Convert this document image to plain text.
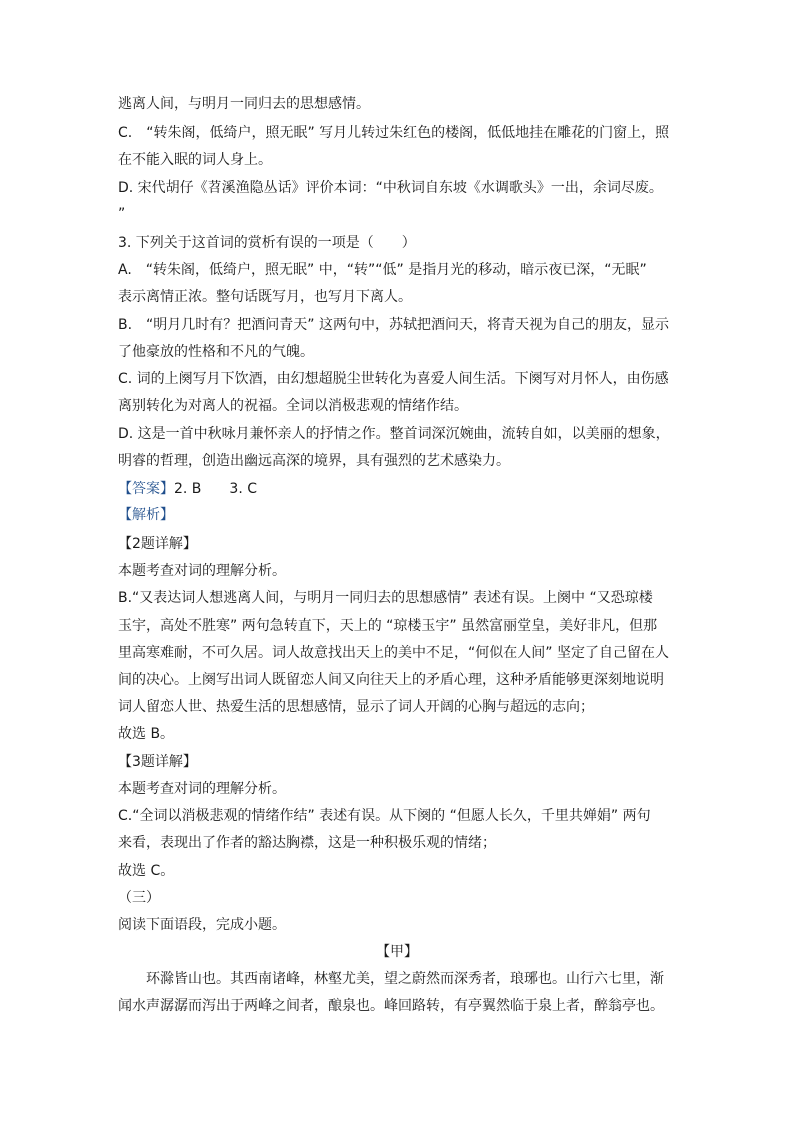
逃离人间，与明月一同归去的思想感情。
C.　“转朱阁，低绮户，照无眠” 写月儿转过朱红色的楼阁，低低地挂在雕花的门窗上，照
在不能入眠的词人身上。
D. 宋代胡仔《苕溪渔隐丛话》评价本词：“中秋词自东坡《水调歌头》一出，余词尽废。
”
3. 下列关于这首词的赏析有误的一项是（　　）
A.　“转朱阁，低绮户，照无眠” 中，“转”“低” 是指月光的移动，暗示夜已深，“无眠”
表示离情正浓。整句话既写月，也写月下离人。
B.　“明月几时有？把酒问青天” 这两句中，苏轼把酒问天，将青天视为自己的朋友，显示
了他豪放的性格和不凡的气魄。
C. 词的上阕写月下饮酒，由幻想超脱尘世转化为喜爱人间生活。下阕写对月怀人，由伤感
离别转化为对离人的祝福。全词以消极悲观的情绪作结。
D. 这是一首中秋咏月兼怀亲人的抒情之作。整首词深沉婉曲，流转自如，以美丽的想象，
明睿的哲理，创造出幽远高深的境界，具有强烈的艺术感染力。
【答案】2. B　　3. C
【解析】
【2题详解】
本题考查对词的理解分析。
B.“又表达词人想逃离人间，与明月一同归去的思想感情” 表述有误。上阕中 “又恐琼楼
玉宇，高处不胜寒” 两句急转直下，天上的 “琼楼玉宇” 虽然富丽堂皇，美好非凡，但那
里高寒难耐，不可久居。词人故意找出天上的美中不足，“何似在人间” 坚定了自己留在人
间的决心。上阕写出词人既留恋人间又向往天上的矛盾心理，这种矛盾能够更深刻地说明
词人留恋人世、热爱生活的思想感情，显示了词人开阔的心胸与超远的志向；
故选 B。
【3题详解】
本题考查对词的理解分析。
C.“全词以消极悲观的情绪作结” 表述有误。从下阕的 “但愿人长久，千里共婵娟” 两句
来看，表现出了作者的豁达胸襟，这是一种积极乐观的情绪；
故选 C。
（三）
阅读下面语段，完成小题。
【甲】
环滁皆山也。其西南诸峰，林壑尤美，望之蔚然而深秀者，琅琊也。山行六七里，渐
闻水声潺潺而泻出于两峰之间者，酿泉也。峰回路转，有亭翼然临于泉上者，醉翁亭也。
